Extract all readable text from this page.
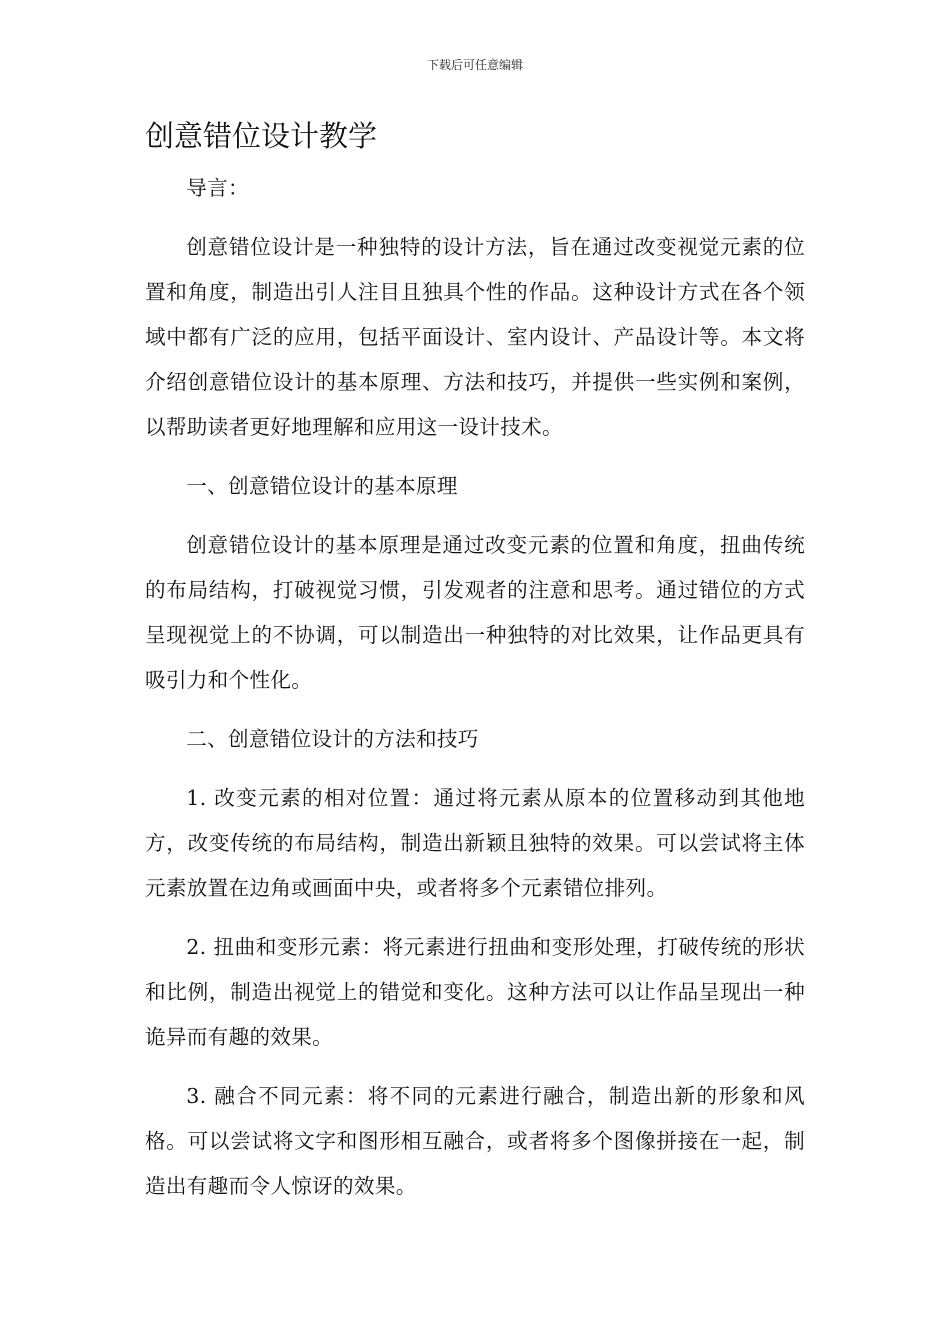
下载后可任意编辑
创意错位设计教学

导言：

创意错位设计是一种独特的设计方法，旨在通过改变视觉元素的位置和角度，制造出引人注目且独具个性的作品。这种设计方式在各个领域中都有广泛的应用，包括平面设计、室内设计、产品设计等。本文将介绍创意错位设计的基本原理、方法和技巧，并提供一些实例和案例，以帮助读者更好地理解和应用这一设计技术。

一、创意错位设计的基本原理

创意错位设计的基本原理是通过改变元素的位置和角度，扭曲传统的布局结构，打破视觉习惯，引发观者的注意和思考。通过错位的方式呈现视觉上的不协调，可以制造出一种独特的对比效果，让作品更具有吸引力和个性化。

二、创意错位设计的方法和技巧

1. 改变元素的相对位置：通过将元素从原本的位置移动到其他地方，改变传统的布局结构，制造出新颖且独特的效果。可以尝试将主体元素放置在边角或画面中央，或者将多个元素错位排列。

2. 扭曲和变形元素：将元素进行扭曲和变形处理，打破传统的形状和比例，制造出视觉上的错觉和变化。这种方法可以让作品呈现出一种诡异而有趣的效果。

3. 融合不同元素：将不同的元素进行融合，制造出新的形象和风格。可以尝试将文字和图形相互融合，或者将多个图像拼接在一起，制造出有趣而令人惊讶的效果。
